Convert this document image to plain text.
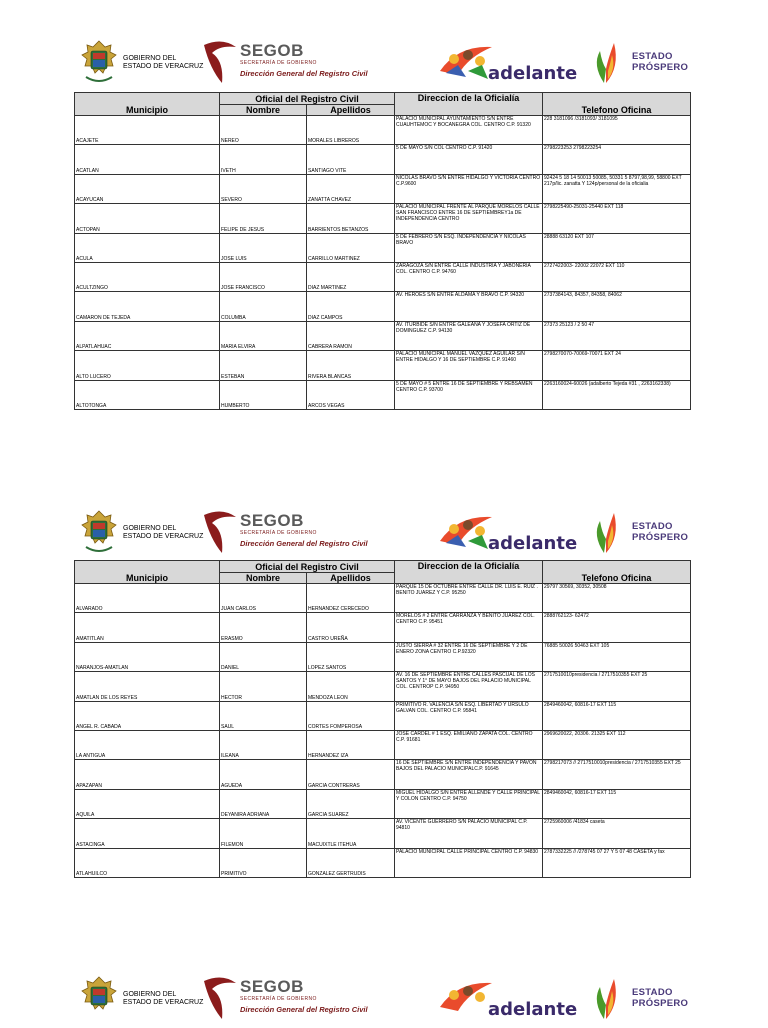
GOBIERNO DEL
ESTADO DE VERACRUZ
SEGOB
SECRETARÍA DE GOBIERNO
Dirección General del Registro Civil	adelante
ESTADO
PRÓSPERO
Municipio	Oficial del Registro Civil		Direccion de la Oficialía	Telefono Oficina
	Nombre	Apellidos		
ACAJETE	NEREO	MORALES LIBREROS	PALACIO MUNICIPAL AYUNTAMIENTO S/N ENTRE CUAUHTEMOC Y BOCANEGRA COL. CENTRO C.P. 91320	228 3181096 /3181093/ 3181095
ACATLAN	IVETH	SANTIAGO VITE	5 DE MAYO S/N COL CENTRO C.P. 91420	2798223253 2798223254
ACAYUCAN	SEVERO	ZANATTA CHAVEZ	NICOLAS BRAVO S/N ENTRE HIDALGO Y VICTORIA CENTRO C.P.9600	92424 5 18 14 50013 50085, 50331 5 8797,98,99, 58800 EXT 217p/lic. zanatta Y 124p/personal de la oficialia
ACTOPAN	FELIPE DE JESUS	BARRIENTOS BETANZOS	PALACIO MUNICIPAL FRENTE AL PARQUE MORELOS CALLE SAN FRANCISCO ENTRE 16 DE SEPTIEMBREY1a DE INDEPENDENCIA CENTRO	2798225490-25031-25440 EXT 118
ACULA	JOSE LUIS	CARRILLO MARTINEZ	5 DE FEBRERO S/N ESQ. INDEPENDENCIA Y NICOLAS BRAVO	28888 63120 EXT 107
ACULTZINGO	JOSE FRANCISCO	DIAZ MARTINEZ	ZARAGOZA S/N ENTRE CALLE INDUSTRIA Y JABONERIA COL. CENTRO C.P. 94760	2727422003- 22002 22072 EXT 110
CAMARON DE TEJEDA	COLUMBA	DIAZ CAMPOS	AV. HEROES S/N ENTRE ALDAMA Y BRAVO C.P. 94320	2737384143, 84357, 84358, 84062
ALPATLAHUAC	MARIA ELVIRA	CABRERA RAMON	AV. ITURBIDE S/N ENTRE GALEANA Y JOSEFA ORTIZ DE DOMINGUEZ C.P. 94130	27373 25123 / 2 50 47
ALTO LUCERO	ESTEBAN	RIVERA BLANCAS	PALACIO MUNICIPAL MANUEL VAZQUEZ AGUILAR S/N ENTRE HIDALGO Y 16 DE SEPTIEMBRE C.P. 91460	2798270070-70069-70071 EXT 24
ALTOTONGA	HUMBERTO	ARCOS VEGAS	5 DE MAYO # 5 ENTRE 16 DE SEPTIEMBRE Y REBSAMEN CENTRO C.P. 93700	2263160024-60026 (adalberto Tejeda #31 , 2263162338)
GOBIERNO DEL
ESTADO DE VERACRUZ
SEGOB
SECRETARÍA DE GOBIERNO
Dirección General del Registro Civil	adelante
ESTADO
PRÓSPERO
Municipio	Oficial del Registro Civil		Direccion de la Oficialía	Telefono Oficina
	Nombre	Apellidos		
ALVARADO	JUAN CARLOS	HERNANDEZ CERECEDO	PARQUE 15 DE OCTUBRE ENTRE CALLE DR. LUIS E. RUIZ . BENITO JUAREZ Y C.P. 95250	29797 30569, 30352, 30508
AMATITLAN	ERASMO	CASTRO UREÑA	MORELOS # 2 ENTRE CARRANZA Y BENITO JUAREZ COL. CENTRO C.P. 95451	2888762123- 62472
NARANJOS-AMATLAN	DANIEL	LOPEZ SANTOS	JUSTO SIERRA # 32 ENTRE 16 DE SEPTIEMBRE Y 2 DE ENERO ZONA CENTRO C.P.92320	76885 50026 50463 EXT 105
AMATLAN DE LOS REYES	HECTOR	MENDOZA LEON	AV. 16 DE SEPTIEMBRE ENTRE CALLES PASCUAL DE LOS SANTOS Y 1° DE MAYO BAJOS DEL PALACIO MUNICIPAL COL. CENTROP C.P. 94950	2717510010presidencia / 2717510355 EXT 25
ANGEL R. CABADA	SAUL	CORTES FOMPEROSA	PRIMITIVO R. VALENCIA S/N ESQ. LIBERTAD Y URSULO GALVAN COL. CENTRO C.P. 95841	2849460042, 60816-17 EXT 115
LA ANTIGUA	ILEANA	HERNANDEZ IZA	JOSE CARDEL # 1 ESQ. EMILIANO ZAPATA COL. CENTRO C.P. 91681	2969620022, 20306. 21325 EXT 112
APAZAPAN	AGUEDA	GARCIA CONTRERAS	16 DE SEPTIEMBRE S/N ENTRE INDEPENDENCIA Y PAVON BAJOS DEL PALACIO MUNICIPALC.P. 91645	2798217073 // 2717510010presidencia / 2717510355 EXT 25
AQUILA	DEYANIRA ADRIANA	GARCIA SUAREZ	MIGUEL HIDALGO S/N ENTRE ALLENDE Y CALLE PRINCIPAL Y COLON CENTRO C.P. 94750	2849460042, 60816-17 EXT 115
ASTACINGA	FILEMON	MACUIXTLE ITEHUA	AV. VICENTE GUERRERO S/N PALACIO MUNICIPAL C.P. 94810	2725960006 /41834 caseta
ATLAHUILCO	PRIMITIVO	GONZALEZ GERTRUDIS	PALACIO MUNICIPAL CALLE PRINCIPAL CENTRO C.P. 94830	2787332225 // /278745 07 27 Y 5 07 48 CASETA y fax
GOBIERNO DEL
ESTADO DE VERACRUZ
SEGOB
SECRETARÍA DE GOBIERNO
Dirección General del Registro Civil	adelante
ESTADO
PRÓSPERO
